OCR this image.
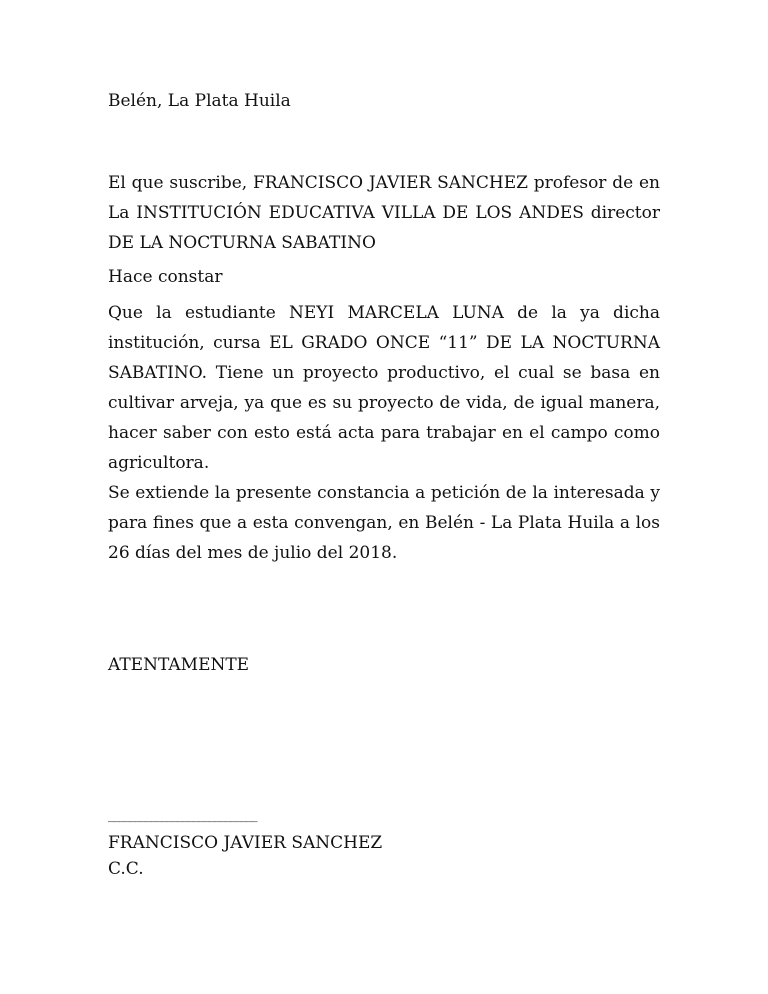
Belén, La Plata Huila

El que suscribe, FRANCISCO JAVIER SANCHEZ profesor de en La INSTITUCIÓN EDUCATIVA VILLA DE LOS ANDES director DE LA NOCTURNA SABATINO

Hace constar

Que la estudiante NEYI MARCELA LUNA de la ya dicha institución, cursa EL GRADO ONCE “11” DE LA NOCTURNA SABATINO. Tiene un proyecto productivo, el cual se basa en cultivar arveja, ya que es su proyecto de vida, de igual manera, hacer saber con esto está acta para trabajar en el campo como agricultora.

Se extiende la presente constancia a petición de la interesada y para fines que a esta convengan, en Belén - La Plata Huila a los 26 días del mes de julio del 2018.

ATENTAMENTE

____________________________

FRANCISCO JAVIER SANCHEZ

C.C.
